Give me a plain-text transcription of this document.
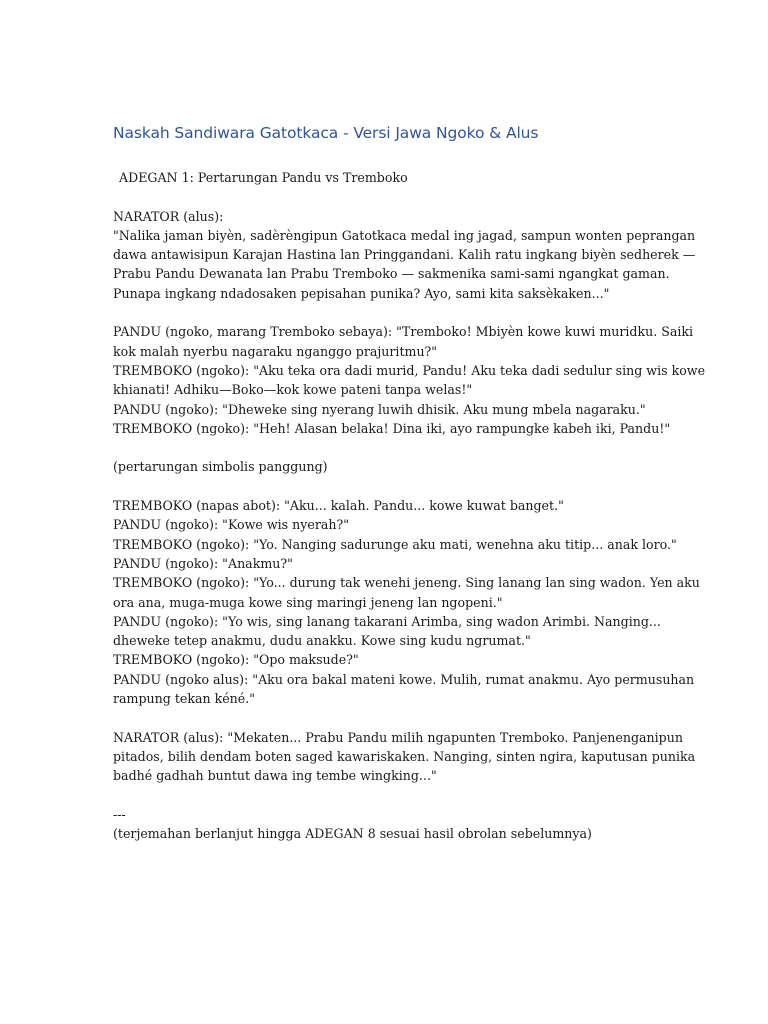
Naskah Sandiwara Gatotkaca - Versi Jawa Ngoko & Alus
ADEGAN 1: Pertarungan Pandu vs Tremboko
NARATOR (alus):
"Nalika jaman biyèn, sadèrèngipun Gatotkaca medal ing jagad, sampun wonten peprangan
dawa antawisipun Karajan Hastina lan Pringgandani. Kalih ratu ingkang biyèn sedherek —
Prabu Pandu Dewanata lan Prabu Tremboko — sakmenika sami-sami ngangkat gaman.
Punapa ingkang ndadosaken pepisahan punika? Ayo, sami kita saksèkaken..."
PANDU (ngoko, marang Tremboko sebaya): "Tremboko! Mbiyèn kowe kuwi muridku. Saiki
kok malah nyerbu nagaraku nganggo prajuritmu?"
TREMBOKO (ngoko): "Aku teka ora dadi murid, Pandu! Aku teka dadi sedulur sing wis kowe
khianati! Adhiku—Boko—kok kowe pateni tanpa welas!"
PANDU (ngoko): "Dheweke sing nyerang luwih dhisik. Aku mung mbela nagaraku."
TREMBOKO (ngoko): "Heh! Alasan belaka! Dina iki, ayo rampungke kabeh iki, Pandu!"
(pertarungan simbolis panggung)
TREMBOKO (napas abot): "Aku... kalah. Pandu... kowe kuwat banget."
PANDU (ngoko): "Kowe wis nyerah?"
TREMBOKO (ngoko): "Yo. Nanging sadurunge aku mati, wenehna aku titip... anak loro."
PANDU (ngoko): "Anakmu?"
TREMBOKO (ngoko): "Yo... durung tak wenehi jeneng. Sing lanang lan sing wadon. Yen aku
ora ana, muga-muga kowe sing maringi jeneng lan ngopeni."
PANDU (ngoko): "Yo wis, sing lanang takarani Arimba, sing wadon Arimbi. Nanging...
dheweke tetep anakmu, dudu anakku. Kowe sing kudu ngrumat."
TREMBOKO (ngoko): "Opo maksude?"
PANDU (ngoko alus): "Aku ora bakal mateni kowe. Mulih, rumat anakmu. Ayo permusuhan
rampung tekan kéné."
NARATOR (alus): "Mekaten... Prabu Pandu milih ngapunten Tremboko. Panjenenganipun
pitados, bilih dendam boten saged kawariskaken. Nanging, sinten ngira, kaputusan punika
badhé gadhah buntut dawa ing tembe wingking..."
---
(terjemahan berlanjut hingga ADEGAN 8 sesuai hasil obrolan sebelumnya)
